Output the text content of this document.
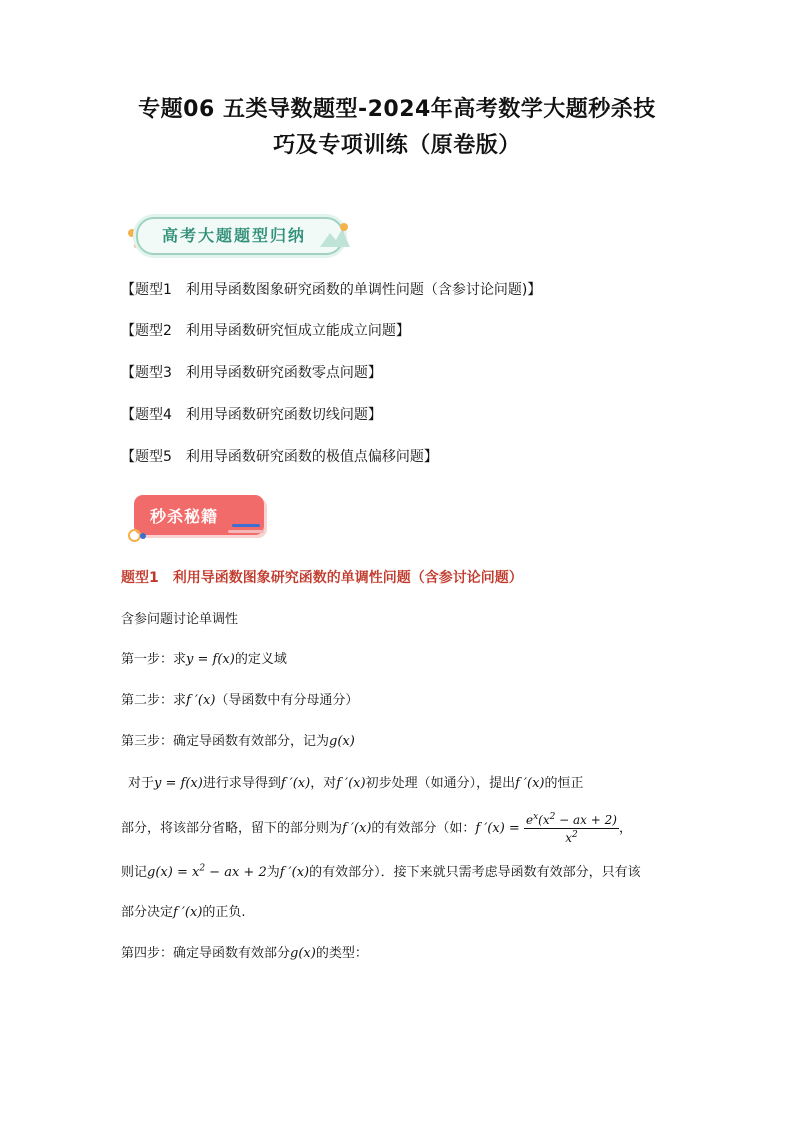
专题06 五类导数题型-2024年高考数学大题秒杀技
巧及专项训练（原卷版）
高考大题题型归纳
【题型1 利用导函数图象研究函数的单调性问题（含参讨论问题)】
【题型2 利用导函数研究恒成立能成立问题】
【题型3 利用导函数研究函数零点问题】
【题型4 利用导函数研究函数切线问题】
【题型5 利用导函数研究函数的极值点偏移问题】
秒杀秘籍
题型1 利用导函数图象研究函数的单调性问题（含参讨论问题）
含参问题讨论单调性
第一步：求y = f(x)的定义域
第二步：求f ′(x)（导函数中有分母通分）
第三步：确定导函数有效部分，记为g(x)
对于y = f(x)进行求导得到f ′(x)，对f ′(x)初步处理（如通分），提出f ′(x)的恒正
部分，将该部分省略，留下的部分则为f ′(x)的有效部分（如：f $'(x) = \frac{e^x(x^2 - ax + 2)}{x^2}$ ，
则记$g(x) = x^2$ − ax + 2为f ′(x)的有效部分）．接下来就只需考虑导函数有效部分，只有该
部分决定f ′(x)的正负.
第四步：确定导函数有效部分g(x)的类型：
